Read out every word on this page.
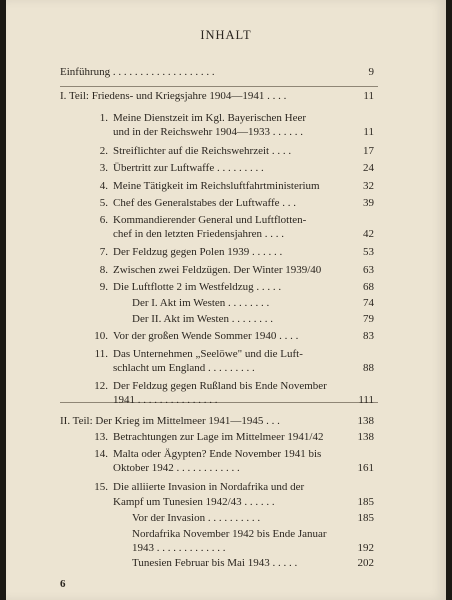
INHALT
Einführung . . . . . . . . . . . . . . . . . . .	9
I. Teil: Friedens- und Kriegsjahre 1904—1941 . . . .	11
1. Meine Dienstzeit im Kgl. Bayerischen Heer
und in der Reichswehr 1904—1933 . . . . . .	11
2. Streiflichter auf die Reichswehrzeit . . . .	17
3. Übertritt zur Luftwaffe . . . . . . . . .	24
4. Meine Tätigkeit im Reichsluftfahrtministerium	32
5. Chef des Generalstabes der Luftwaffe . . .	39
6. Kommandierender General und Luftflotten-
chef in den letzten Friedensjahren . . . .	42
7. Der Feldzug gegen Polen 1939 . . . . . .	53
8. Zwischen zwei Feldzügen. Der Winter 1939/40	63
9. Die Luftflotte 2 im Westfeldzug . . . . .	68
Der I. Akt im Westen . . . . . . . .	74
Der II. Akt im Westen . . . . . . . .	79
10. Vor der großen Wende Sommer 1940 . . . .	83
11. Das Unternehmen „Seelöwe" und die Luft-
schlacht um England . . . . . . . . .	88
12. Der Feldzug gegen Rußland bis Ende November
1941 . . . . . . . . . . . . . . .	111
II. Teil: Der Krieg im Mittelmeer 1941—1945 . . .	138
13. Betrachtungen zur Lage im Mittelmeer 1941/42	138
14. Malta oder Ägypten? Ende November 1941 bis
Oktober 1942 . . . . . . . . . . . .	161
15. Die alliierte Invasion in Nordafrika und der
Kampf um Tunesien 1942/43 . . . . . .	185
Vor der Invasion . . . . . . . . . .	185
Nordafrika November 1942 bis Ende Januar
1943 . . . . . . . . . . . . .	192
Tunesien Februar bis Mai 1943 . . . . .	202
6
